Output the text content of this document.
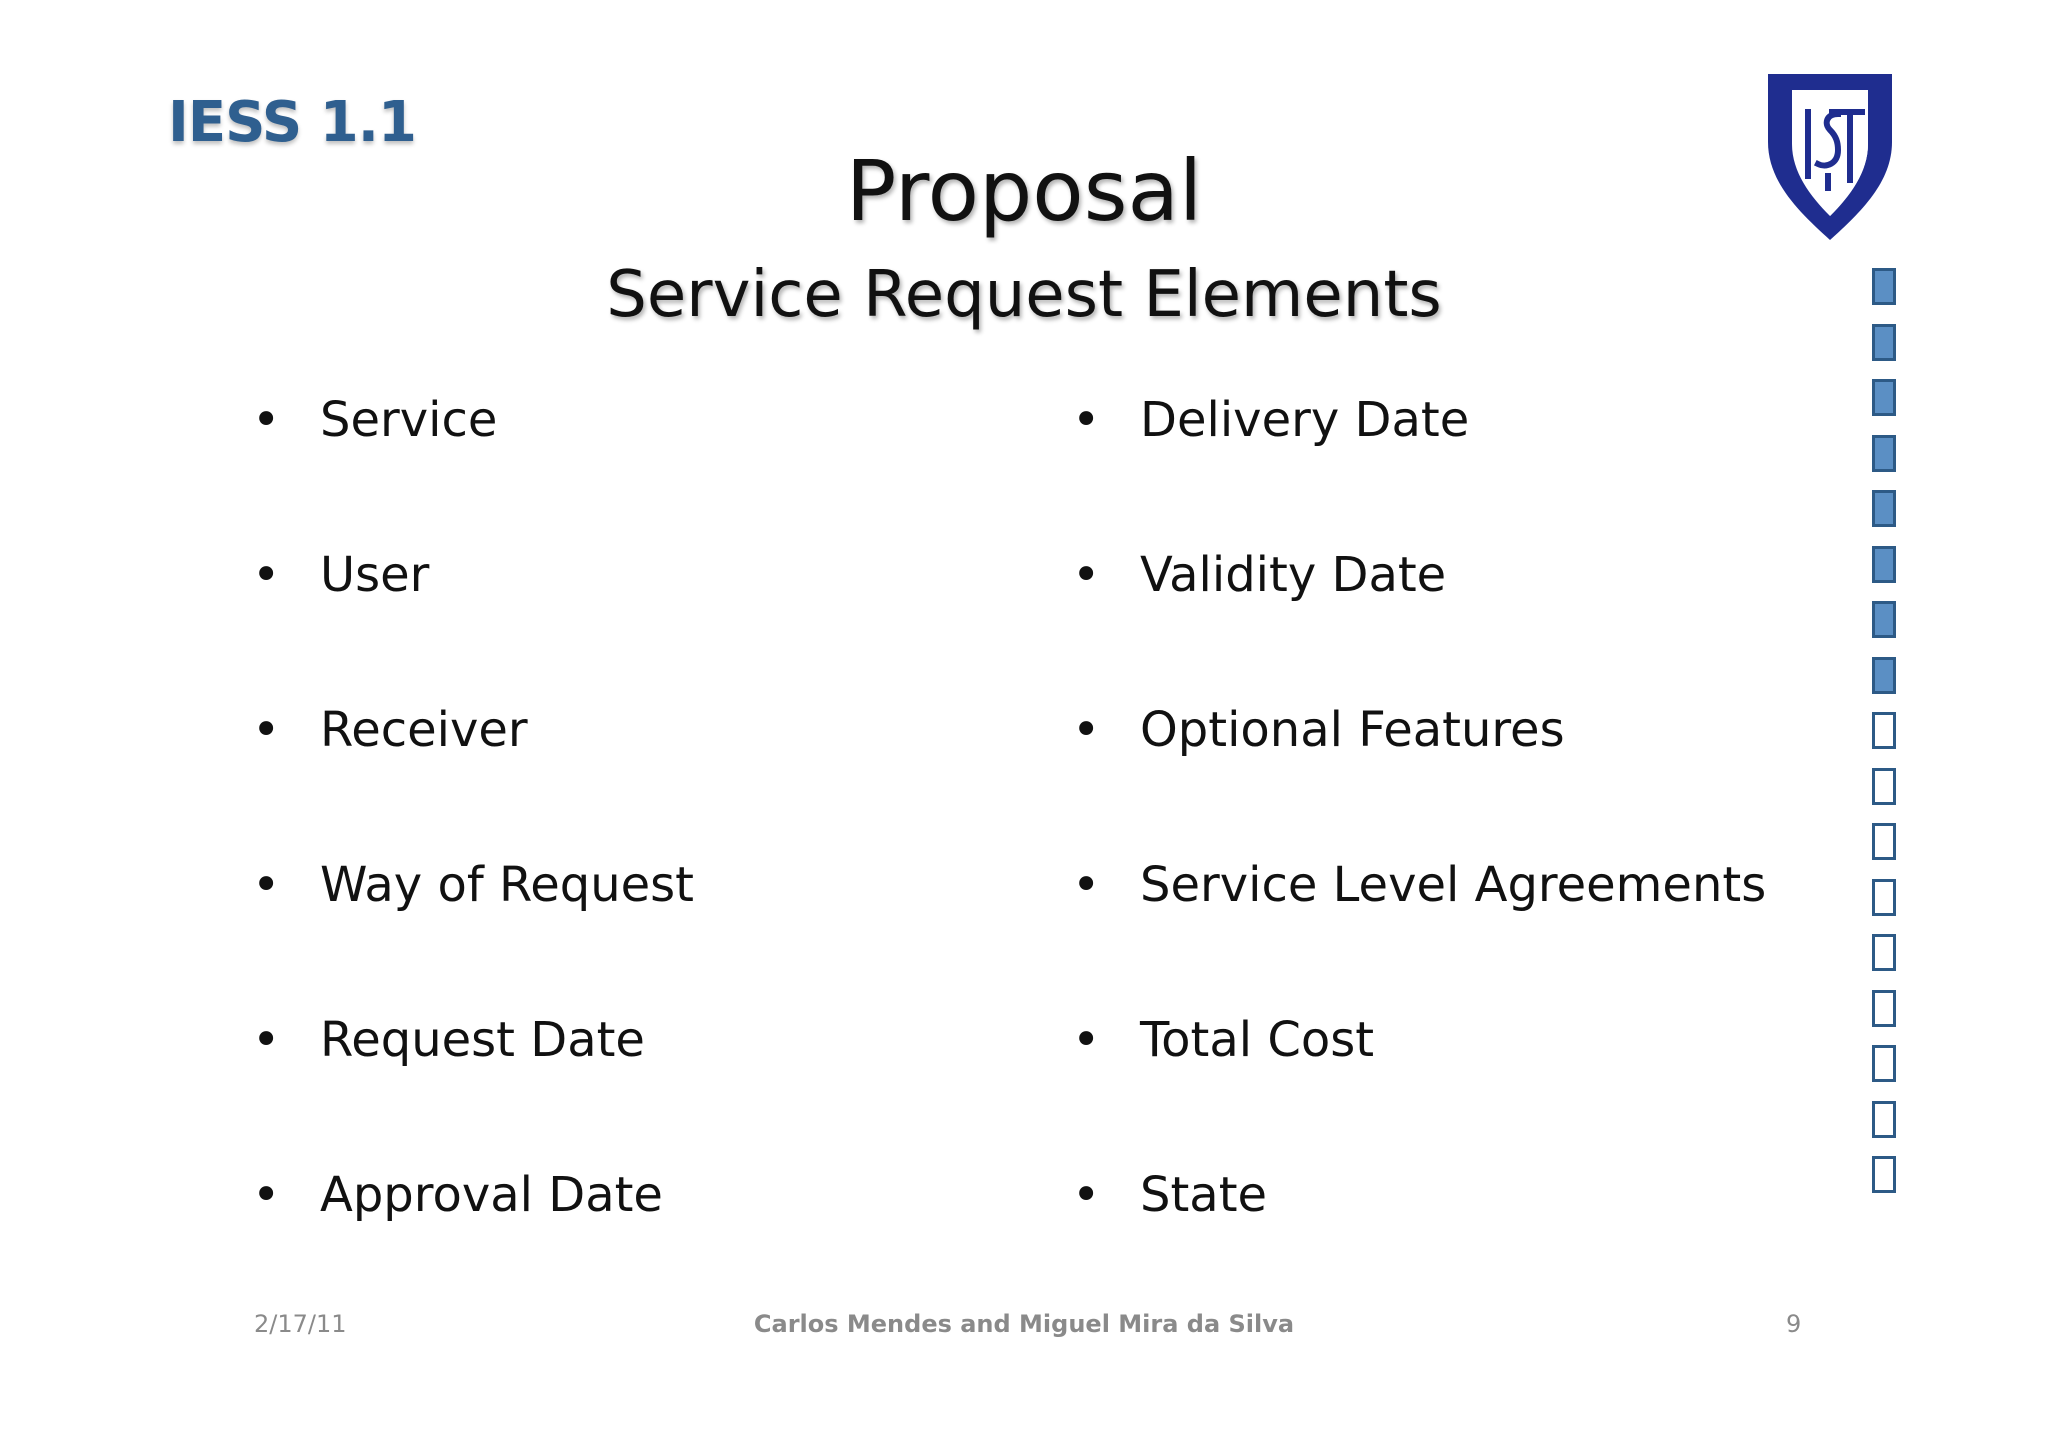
IESS 1.1
Proposal
Service Request Elements
• Service
• User
• Receiver
• Way of Request
• Request Date
• Approval Date
• Delivery Date
• Validity Date
• Optional Features
• Service Level Agreements
• Total Cost
• State
2/17/11	Carlos Mendes and Miguel Mira da Silva	9
